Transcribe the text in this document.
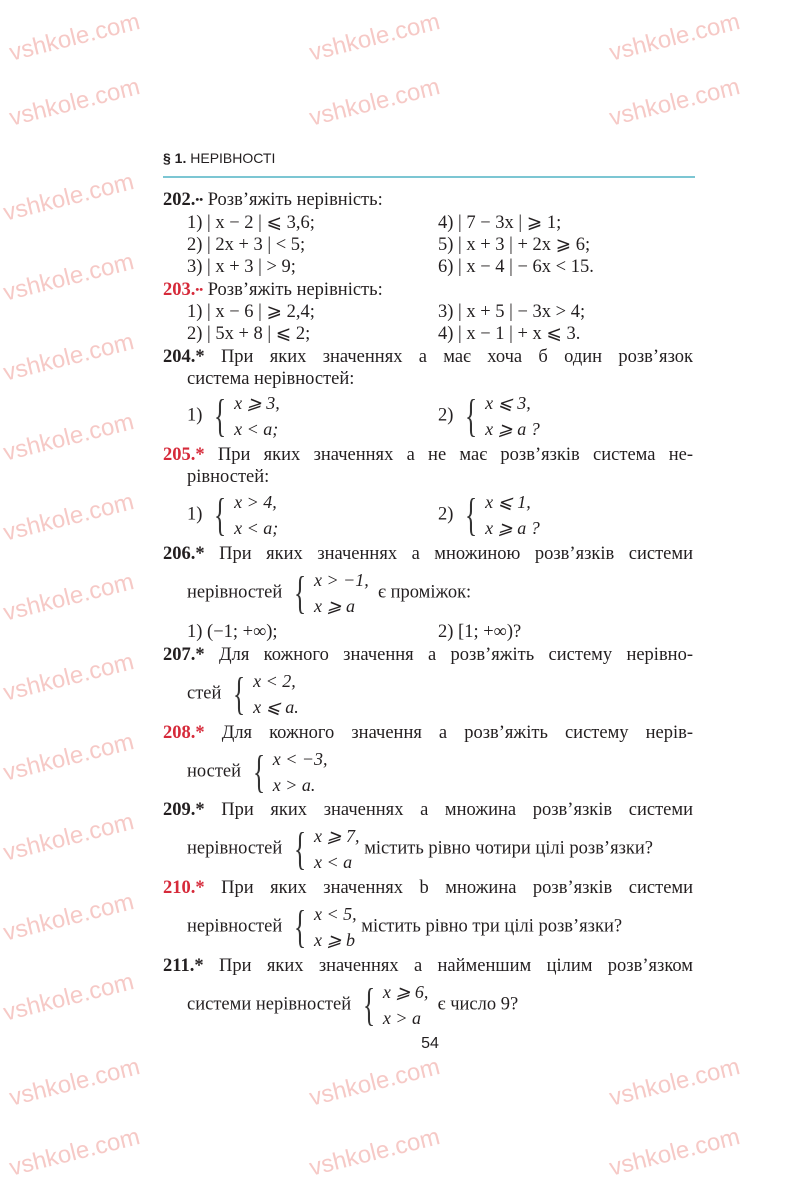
vshkole.com	vshkole.com	vshkole.com
vshkole.com	vshkole.com	vshkole.com
vshkole.com
vshkole.com
vshkole.com
vshkole.com
vshkole.com
vshkole.com
vshkole.com
vshkole.com
vshkole.com
vshkole.com
vshkole.com
vshkole.com	vshkole.com	vshkole.com
vshkole.com	vshkole.com	vshkole.com
§ 1. НЕРІВНОСТІ
202.•• Розв’яжіть нерівність:
1) | x − 2 | ⩽ 3,6;	4) | 7 − 3x | ⩾ 1;
2) | 2x + 3 | < 5;	5) | x + 3 | + 2x ⩾ 6;
3) | x + 3 | > 9;	6) | x − 4 | − 6x < 15.
203.•• Розв’яжіть нерівність:
1) | x − 6 | ⩾ 2,4;	3) | x + 5 | − 3x > 4;
2) | 5x + 8 | ⩽ 2;	4) | x − 1 | + x ⩽ 3.
204.* При яких значеннях a має хоча б один розв’язок
система нерівностей:
1) { x ⩾ 3,
x < a;
2) { x ⩽ 3,
x ⩾ a ?
205.* При яких значеннях a не має розв’язків система не-
рівностей:
1) { x > 4,
x < a;
2) { x ⩽ 1,
x ⩾ a ?
206.* При яких значеннях a множиною розв’язків системи
нерівностей { x > −1,
x ⩾ a
є проміжок:
1) (−1; +∞);	2) [1; +∞)?
207.* Для кожного значення a розв’яжіть систему нерівно-
стей { x < 2,
x ⩽ a.
208.* Для кожного значення a розв’яжіть систему нерів-
ностей { x < −3,
x > a.
209.* При яких значеннях a множина розв’язків системи
нерівностей { x ⩾ 7,
x < a
містить рівно чотири цілі розв’язки?
210.* При яких значеннях b множина розв’язків системи
нерівностей { x < 5,
x ⩾ b
містить рівно три цілі розв’язки?
211.* При яких значеннях a найменшим цілим розв’язком
системи нерівностей { x ⩾ 6,
x > a
є число 9?
54
